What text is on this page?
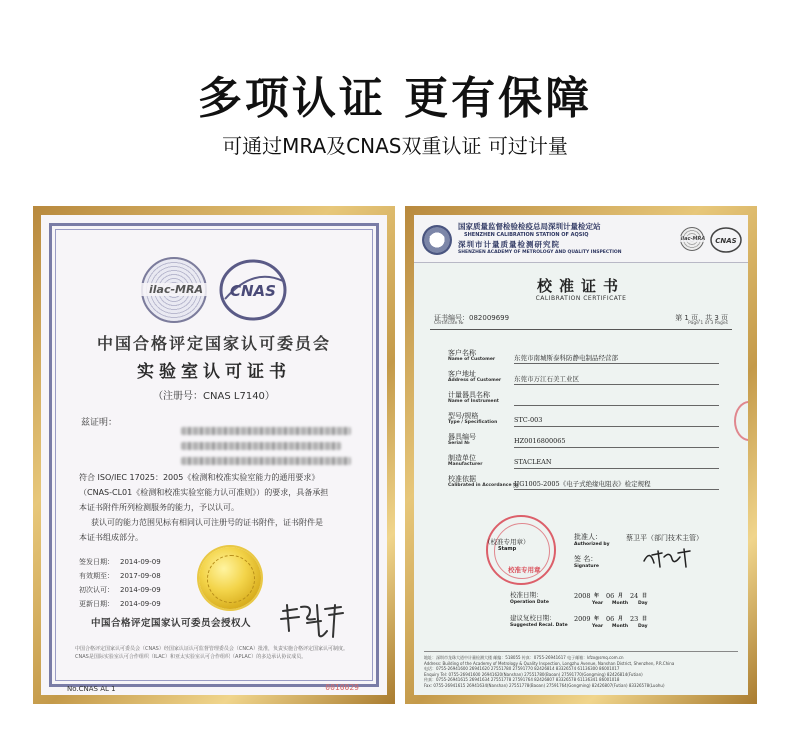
多项认证 更有保障
可通过MRA及CNAS双重认证 可过计量
ilac-MRA	CNAS
中国合格评定国家认可委员会
实验室认可证书
（注册号：CNAS L7140）
兹证明：

符合 ISO/IEC 17025：2005《检测和校准实验室能力的通用要求》

（CNAS-CL01《检测和校准实验室能力认可准则》）的要求，具备承担

本证书附件所列检测服务的能力，予以认可。

获认可的能力范围见标有相同认可注册号的证书附件，证书附件是

本证书组成部分。

签发日期： 2014-09-09
有效期至： 2017-09-08
初次认可： 2014-09-09
更新日期： 2014-09-09
中国合格评定国家认可委员会授权人
中国合格评定国家认可委员会（CNAS）经国家认证认可监督管理委员会（CNCA）批准，负责实施合格评定国家认可制度。CNAS是国际实验室认可合作组织（ILAC）和亚太实验室认可合作组织（APLAC）的多边承认协议成员。
No.CNAS AL 1	0010029
SMQ
国家质量监督检验检疫总局深圳计量检定站
SHENZHEN CALIBRATION STATION OF AQSIQ
深圳市计量质量检测研究院
SHENZHEN ACADEMY OF METROLOGY AND QUALITY INSPECTION
ilac-MRA CNAS
校准证书
CALIBRATION CERTIFICATE
证书编号：082009699
Certificate №
第 1 页，共 3 页
Page 1 of 3 Pages
客户名称
Name of Customer	东莞市南城斯泰科防静电制品经营部
客户地址
Address of Customer 东莞市万江石美工业区
计量器具名称
Name of Instrument
型号/规格
Type / Specification	STC-003
器具编号
Serial №	HZ0016800065
制造单位
Manufacturer	STACLEAN
校准依据
Calibrated in Accordance to
JJG1005-2005《电子式绝缘电阻表》检定规程
（校准专用章）
Stamp
校准专用章
批准人：
Authorized by
蔡卫平（部门技术主管）
签 名：
Signature
校准日期：
Operation Date
2008 年 06 月 24 日
Year Month Day
建议复校日期：
Suggested Recal. Date
2009 年 06 月 23 日
Year Month Day
地址：深圳市龙珠大道中计量检测大楼 邮编：518055 传真：0755-26941617 电子邮箱：kfzx@smq.com.cn
Address: Building of the Academy of Metrology & Quality Inspection, Longzhu Avenue, Nanshan District, Shenzhen, P.R.China
电话：0755-26941600 26941620 27551780 27591770 82426814 83326574 61136300 86001017
Enquiry Tel: 0755-26941600 26941620(Nanshan) 27551780(Baoan) 27591770(Gongming) 82426814(Futian)
传真：0755-26941615 26941634 27551778 27591764 82426807 83326578 61136341 86001018
Fax: 0755-26941615 26941634(Nanshan) 27551778(Baoan) 27591764(Gongming) 82426807(Futian) 83326578(Luohu)
